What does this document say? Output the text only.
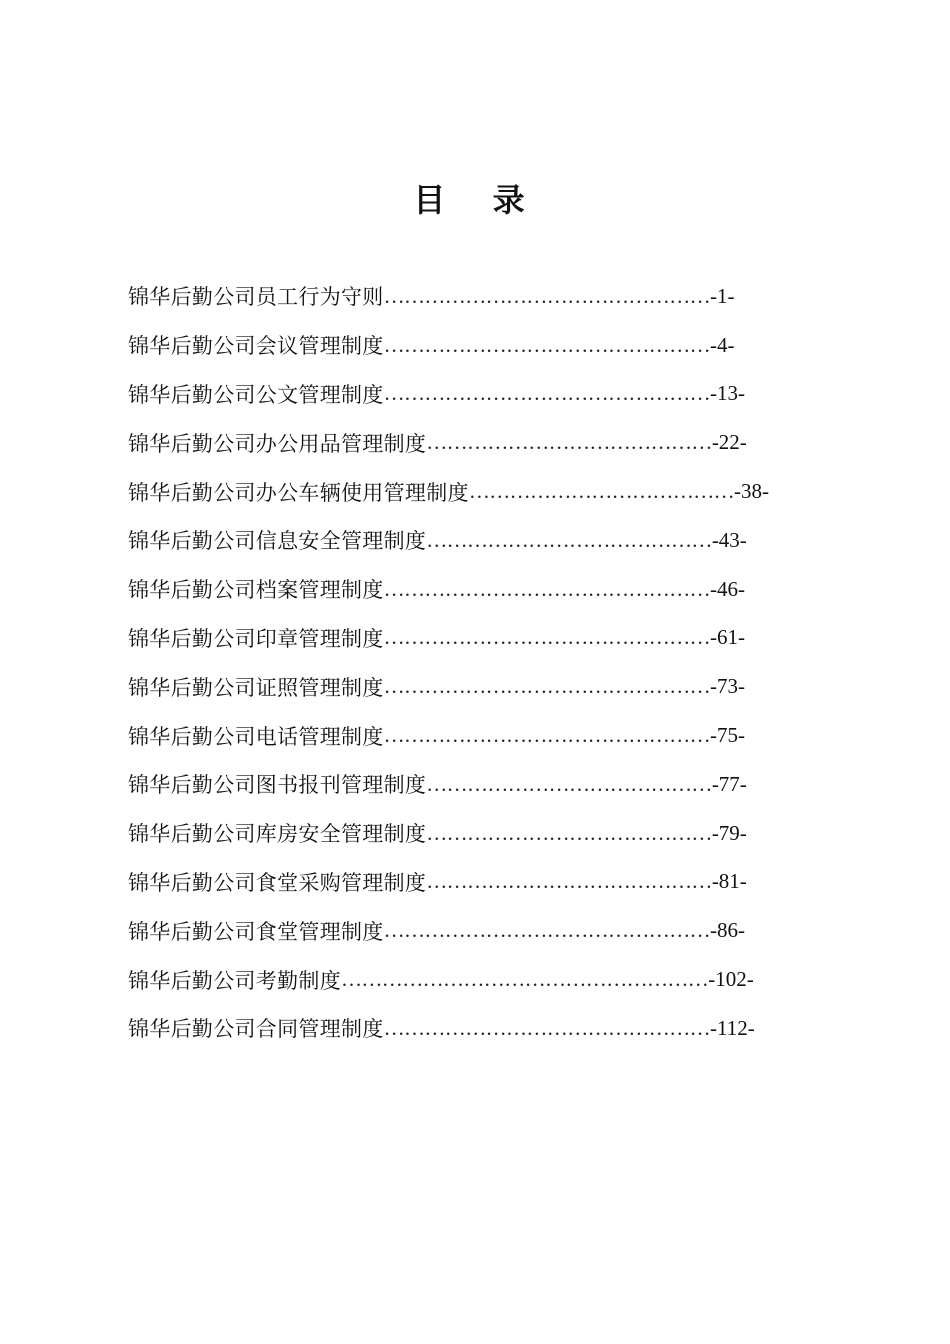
目 录
锦华后勤公司员工行为守则 ………………………………………… -1-
锦华后勤公司会议管理制度 ………………………………………… -4-
锦华后勤公司公文管理制度 ………………………………………… -13-
锦华后勤公司办公用品管理制度 …………………………………… -22-
锦华后勤公司办公车辆使用管理制度 ………………………………… -38-
锦华后勤公司信息安全管理制度 …………………………………… -43-
锦华后勤公司档案管理制度 ………………………………………… -46-
锦华后勤公司印章管理制度 ………………………………………… -61-
锦华后勤公司证照管理制度 ………………………………………… -73-
锦华后勤公司电话管理制度 ………………………………………… -75-
锦华后勤公司图书报刊管理制度 …………………………………… -77-
锦华后勤公司库房安全管理制度 …………………………………… -79-
锦华后勤公司食堂采购管理制度 …………………………………… -81-
锦华后勤公司食堂管理制度 ………………………………………… -86-
锦华后勤公司考勤制度 ……………………………………………… -102-
锦华后勤公司合同管理制度 ………………………………………… -112-
